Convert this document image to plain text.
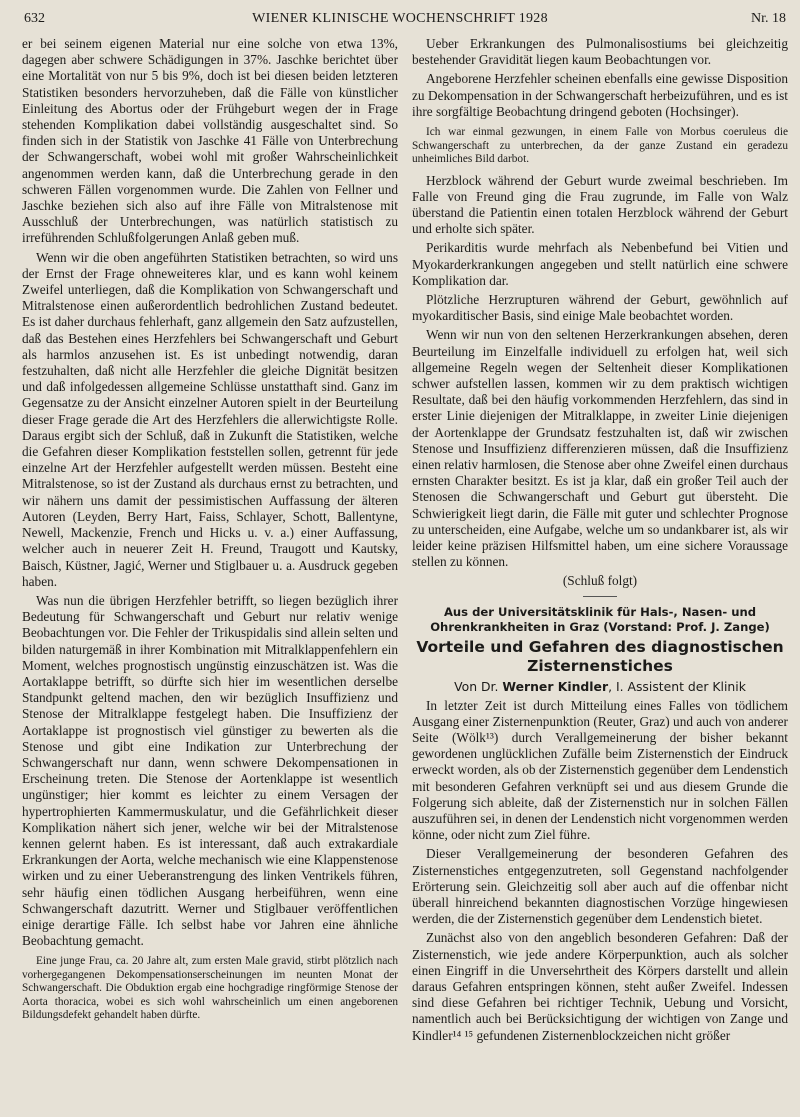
632	WIENER KLINISCHE WOCHENSCHRIFT 1928	Nr. 18

er bei seinem eigenen Material nur eine solche von etwa 13%, dagegen aber schwere Schädigungen in 37%. Jaschke berichtet über eine Mortalität von nur 5 bis 9%, doch ist bei diesen beiden letzteren Statistiken besonders hervorzuheben, daß die Fälle von künstlicher Einleitung des Abortus oder der Frühgeburt wegen der in Frage stehenden Komplikation dabei vollständig ausgeschaltet sind. So finden sich in der Statistik von Jaschke 41 Fälle von Unterbrechung der Schwangerschaft, wobei wohl mit großer Wahrscheinlichkeit angenommen werden kann, daß die Unterbrechung gerade in den schweren Fällen vorgenommen wurde. Die Zahlen von Fellner und Jaschke beziehen sich also auf ihre Fälle von Mitralstenose mit Ausschluß der Unterbrechungen, was natürlich statistisch zu irreführenden Schlußfolgerungen Anlaß geben muß.

Wenn wir die oben angeführten Statistiken betrachten, so wird uns der Ernst der Frage ohneweiteres klar, und es kann wohl keinem Zweifel unterliegen, daß die Komplikation von Schwangerschaft und Mitralstenose einen außerordentlich bedrohlichen Zustand bedeutet. Es ist daher durchaus fehlerhaft, ganz allgemein den Satz aufzustellen, daß das Bestehen eines Herzfehlers bei Schwangerschaft und Geburt als harmlos anzusehen ist. Es ist unbedingt notwendig, daran festzuhalten, daß nicht alle Herzfehler die gleiche Dignität besitzen und daß infolgedessen allgemeine Schlüsse unstatthaft sind. Ganz im Gegensatze zu der Ansicht einzelner Autoren spielt in der Beurteilung dieser Frage gerade die Art des Herzfehlers die allerwichtigste Rolle. Daraus ergibt sich der Schluß, daß in Zukunft die Statistiken, welche die Gefahren dieser Komplikation feststellen sollen, getrennt für jede einzelne Art der Herzfehler aufgestellt werden müssen. Besteht eine Mitralstenose, so ist der Zustand als durchaus ernst zu betrachten, und wir nähern uns damit der pessimistischen Auffassung der älteren Autoren (Leyden, Berry Hart, Faiss, Schlayer, Schott, Ballentyne, Newell, Mackenzie, French und Hicks u. v. a.) einer Auffassung, welcher auch in neuerer Zeit H. Freund, Traugott und Kautsky, Baisch, Küstner, Jagić, Werner und Stiglbauer u. a. Ausdruck gegeben haben.

Was nun die übrigen Herzfehler betrifft, so liegen bezüglich ihrer Bedeutung für Schwangerschaft und Geburt nur relativ wenige Beobachtungen vor. Die Fehler der Trikuspidalis sind allein selten und bilden naturgemäß in ihrer Kombination mit Mitralklappenfehlern ein Moment, welches prognostisch ungünstig einzuschätzen ist. Was die Aortaklappe betrifft, so dürfte sich hier im wesentlichen derselbe Standpunkt geltend machen, den wir bezüglich Insuffizienz und Stenose der Mitralklappe festgelegt haben. Die Insuffizienz der Aortaklappe ist prognostisch viel günstiger zu bewerten als die Stenose und gibt eine Indikation zur Unterbrechung der Schwangerschaft nur dann, wenn schwere Dekompensationen in Erscheinung treten. Die Stenose der Aortenklappe ist wesentlich ungünstiger; hier kommt es leichter zu einem Versagen der hypertrophierten Kammermuskulatur, und die Gefährlichkeit dieser Komplikation nähert sich jener, welche wir bei der Mitralstenose kennen gelernt haben. Es ist interessant, daß auch extrakardiale Erkrankungen der Aorta, welche mechanisch wie eine Klappenstenose wirken und zu einer Ueberanstrengung des linken Ventrikels führen, sehr häufig einen tödlichen Ausgang herbeiführen, wenn eine Schwangerschaft dazutritt. Werner und Stiglbauer veröffentlichen einige derartige Fälle. Ich selbst habe vor Jahren eine ähnliche Beobachtung gemacht.

Eine junge Frau, ca. 20 Jahre alt, zum ersten Male gravid, stirbt plötzlich nach vorhergegangenen Dekompensationserscheinungen im neunten Monat der Schwangerschaft. Die Obduktion ergab eine hochgradige ringförmige Stenose der Aorta thoracica, wobei es sich wohl wahrscheinlich um einen angeborenen Bildungsdefekt gehandelt haben dürfte.

Ueber Erkrankungen des Pulmonalisostiums bei gleichzeitig bestehender Gravidität liegen kaum Beobachtungen vor.

Angeborene Herzfehler scheinen ebenfalls eine gewisse Disposition zu Dekompensation in der Schwangerschaft herbeizuführen, und es ist ihre sorgfältige Beobachtung dringend geboten (Hochsinger).

Ich war einmal gezwungen, in einem Falle von Morbus coeruleus die Schwangerschaft zu unterbrechen, da der ganze Zustand ein geradezu unheimliches Bild darbot.

Herzblock während der Geburt wurde zweimal beschrieben. Im Falle von Freund ging die Frau zugrunde, im Falle von Walz überstand die Patientin einen totalen Herzblock während der Geburt und erholte sich später.

Perikarditis wurde mehrfach als Nebenbefund bei Vitien und Myokarderkrankungen angegeben und stellt natürlich eine schwere Komplikation dar.

Plötzliche Herzrupturen während der Geburt, gewöhnlich auf myokarditischer Basis, sind einige Male beobachtet worden.

Wenn wir nun von den seltenen Herzerkrankungen absehen, deren Beurteilung im Einzelfalle individuell zu erfolgen hat, weil sich allgemeine Regeln wegen der Seltenheit dieser Komplikationen schwer aufstellen lassen, kommen wir zu dem praktisch wichtigen Resultate, daß bei den häufig vorkommenden Herzfehlern, das sind in erster Linie diejenigen der Mitralklappe, in zweiter Linie diejenigen der Aortenklappe der Grundsatz festzuhalten ist, daß wir zwischen Stenose und Insuffizienz differenzieren müssen, daß die Insuffizienz einen relativ harmlosen, die Stenose aber ohne Zweifel einen durchaus ernsten Charakter besitzt. Es ist ja klar, daß ein großer Teil auch der Stenosen die Schwangerschaft und Geburt gut übersteht. Die Schwierigkeit liegt darin, die Fälle mit guter und schlechter Prognose zu unterscheiden, eine Aufgabe, welche um so undankbarer ist, als wir leider keine präzisen Hilfsmittel haben, um eine sichere Voraussage stellen zu können.

(Schluß folgt)

Aus der Universitätsklinik für Hals-, Nasen- und Ohrenkrankheiten in Graz (Vorstand: Prof. J. Zange)

Vorteile und Gefahren des diagnostischen Zisternenstiches

Von Dr. Werner Kindler, I. Assistent der Klinik

In letzter Zeit ist durch Mitteilung eines Falles von tödlichem Ausgang einer Zisternenpunktion (Reuter, Graz) und auch von anderer Seite (Wölk¹³) durch Verallgemeinerung der bisher bekannt gewordenen unglücklichen Zufälle beim Zisternenstich der Eindruck erweckt worden, als ob der Zisternenstich gegenüber dem Lendenstich mit besonderen Gefahren verknüpft sei und aus diesem Grunde die Folgerung sich ableite, daß der Zisternenstich nur in solchen Fällen auszuführen sei, in denen der Lendenstich nicht vorgenommen werden könne, oder nicht zum Ziel führe.

Dieser Verallgemeinerung der besonderen Gefahren des Zisternenstiches entgegenzutreten, soll Gegenstand nachfolgender Erörterung sein. Gleichzeitig soll aber auch auf die offenbar nicht überall hinreichend bekannten diagnostischen Vorzüge hingewiesen werden, die der Zisternenstich gegenüber dem Lendenstich bietet.

Zunächst also von den angeblich besonderen Gefahren: Daß der Zisternenstich, wie jede andere Körperpunktion, auch als solcher einen Eingriff in die Unversehrtheit des Körpers darstellt und allein daraus Gefahren entspringen können, steht außer Zweifel. Indessen sind diese Gefahren bei richtiger Technik, Uebung und Vorsicht, namentlich auch bei Berücksichtigung der wichtigen von Zange und Kindler¹⁴ ¹⁵ gefundenen Zisternenblockzeichen nicht größer
